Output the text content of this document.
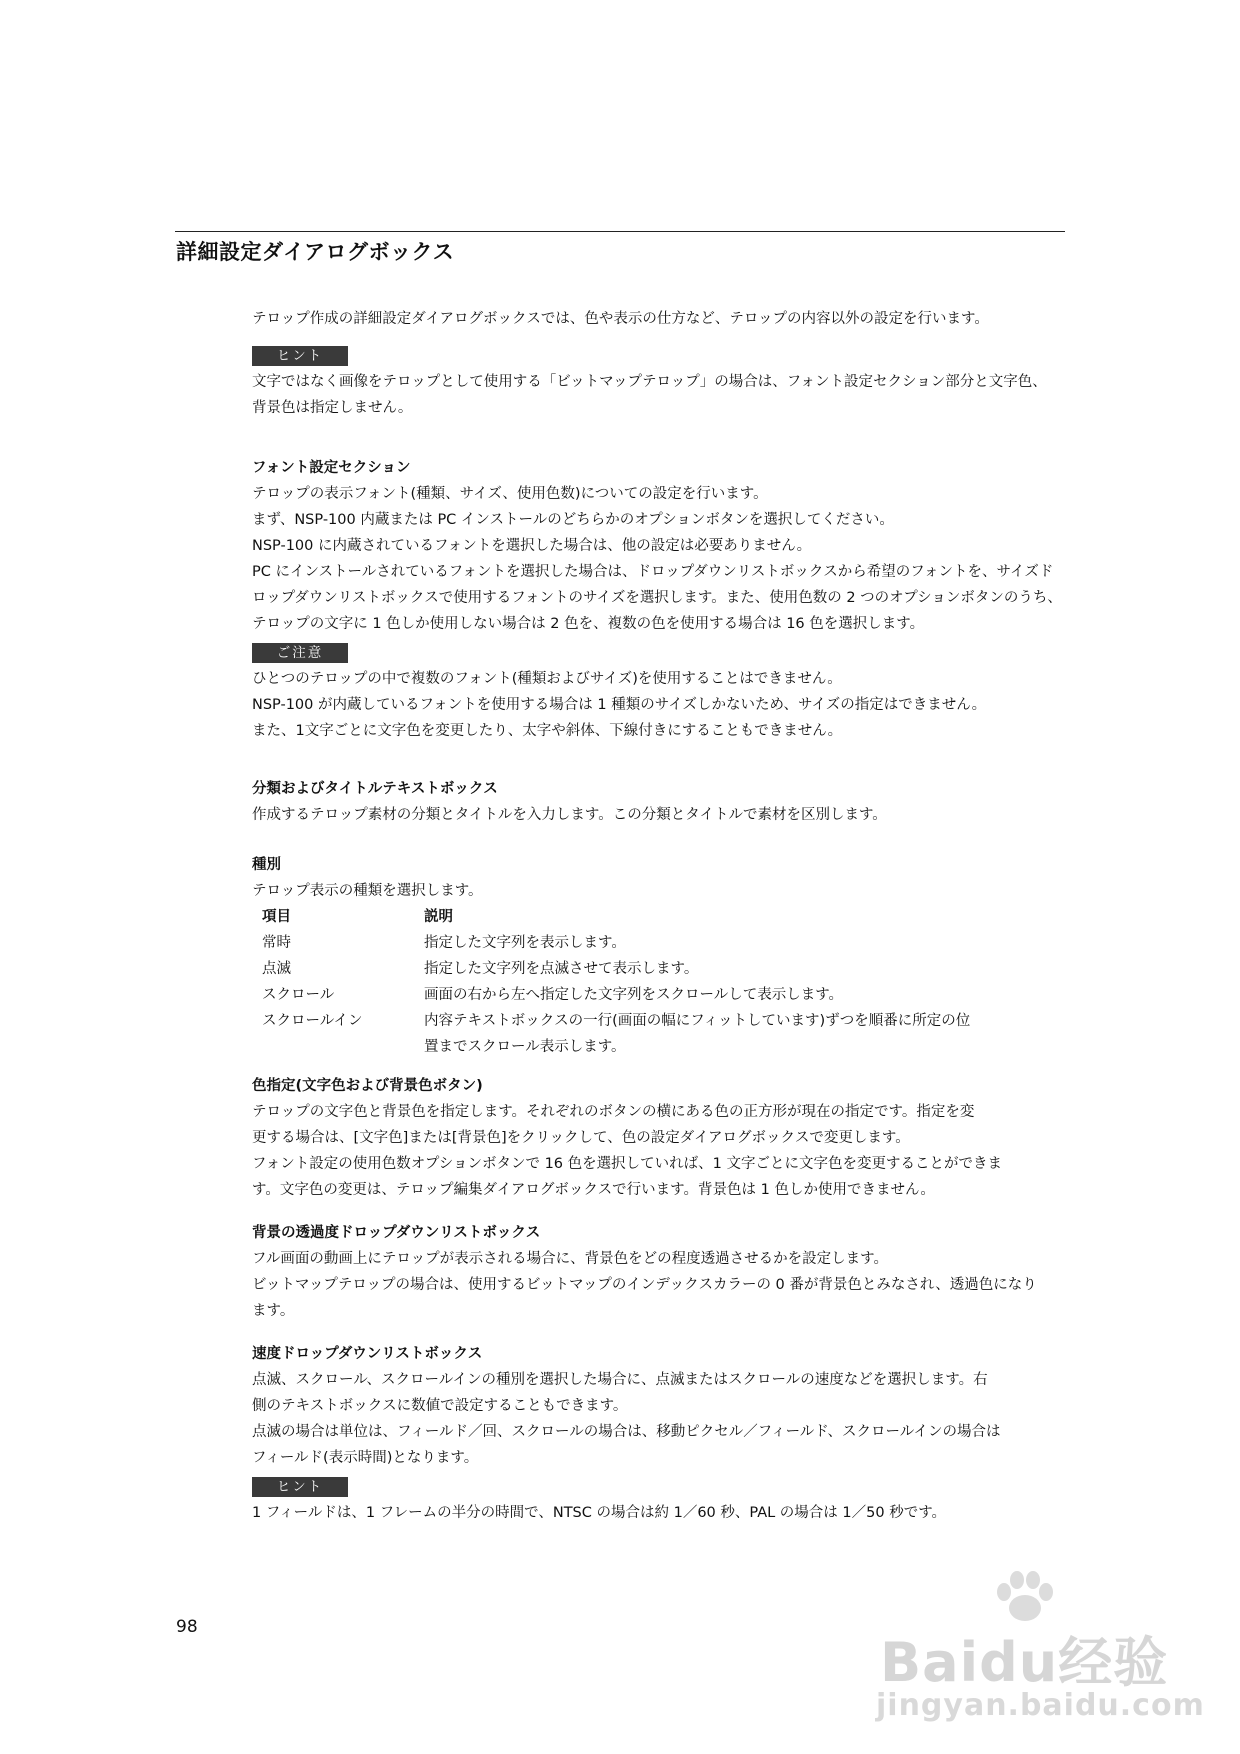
詳細設定ダイアログボックス

テロップ作成の詳細設定ダイアログボックスでは、色や表示の仕方など、テロップの内容以外の設定を行います。

ヒント

文字ではなく画像をテロップとして使用する「ビットマップテロップ」の場合は、フォント設定セクション部分と文字色、

背景色は指定しません。

フォント設定セクション

テロップの表示フォント(種類、サイズ、使用色数)についての設定を行います。

まず、NSP-100 内蔵または PC インストールのどちらかのオプションボタンを選択してください。

NSP-100 に内蔵されているフォントを選択した場合は、他の設定は必要ありません。

PC にインストールされているフォントを選択した場合は、ドロップダウンリストボックスから希望のフォントを、サイズド

ロップダウンリストボックスで使用するフォントのサイズを選択します。また、使用色数の 2 つのオプションボタンのうち、

テロップの文字に 1 色しか使用しない場合は 2 色を、複数の色を使用する場合は 16 色を選択します。

ご注意

ひとつのテロップの中で複数のフォント(種類およびサイズ)を使用することはできません。

NSP-100 が内蔵しているフォントを使用する場合は 1 種類のサイズしかないため、サイズの指定はできません。

また、1文字ごとに文字色を変更したり、太字や斜体、下線付きにすることもできません。

分類およびタイトルテキストボックス

作成するテロップ素材の分類とタイトルを入力します。この分類とタイトルで素材を区別します。

種別

テロップ表示の種類を選択します。

項目	説明
常時	指定した文字列を表示します。
点滅	指定した文字列を点滅させて表示します。
スクロール	画面の右から左へ指定した文字列をスクロールして表示します。
スクロールイン	内容テキストボックスの一行(画面の幅にフィットしています)ずつを順番に所定の位
	置までスクロール表示します。

色指定(文字色および背景色ボタン)

テロップの文字色と背景色を指定します。それぞれのボタンの横にある色の正方形が現在の指定です。指定を変

更する場合は、[文字色]または[背景色]をクリックして、色の設定ダイアログボックスで変更します。

フォント設定の使用色数オプションボタンで 16 色を選択していれば、1 文字ごとに文字色を変更することができま

す。文字色の変更は、テロップ編集ダイアログボックスで行います。背景色は 1 色しか使用できません。

背景の透過度ドロップダウンリストボックス

フル画面の動画上にテロップが表示される場合に、背景色をどの程度透過させるかを設定します。

ビットマップテロップの場合は、使用するビットマップのインデックスカラーの 0 番が背景色とみなされ、透過色になり

ます。

速度ドロップダウンリストボックス

点滅、スクロール、スクロールインの種別を選択した場合に、点滅またはスクロールの速度などを選択します。右

側のテキストボックスに数値で設定することもできます。

点滅の場合は単位は、フィールド／回、スクロールの場合は、移動ピクセル／フィールド、スクロールインの場合は

フィールド(表示時間)となります。

ヒント

1 フィールドは、1 フレームの半分の時間で、NTSC の場合は約 1／60 秒、PAL の場合は 1／50 秒です。

98
Baidu经验
jingyan.baidu.com
